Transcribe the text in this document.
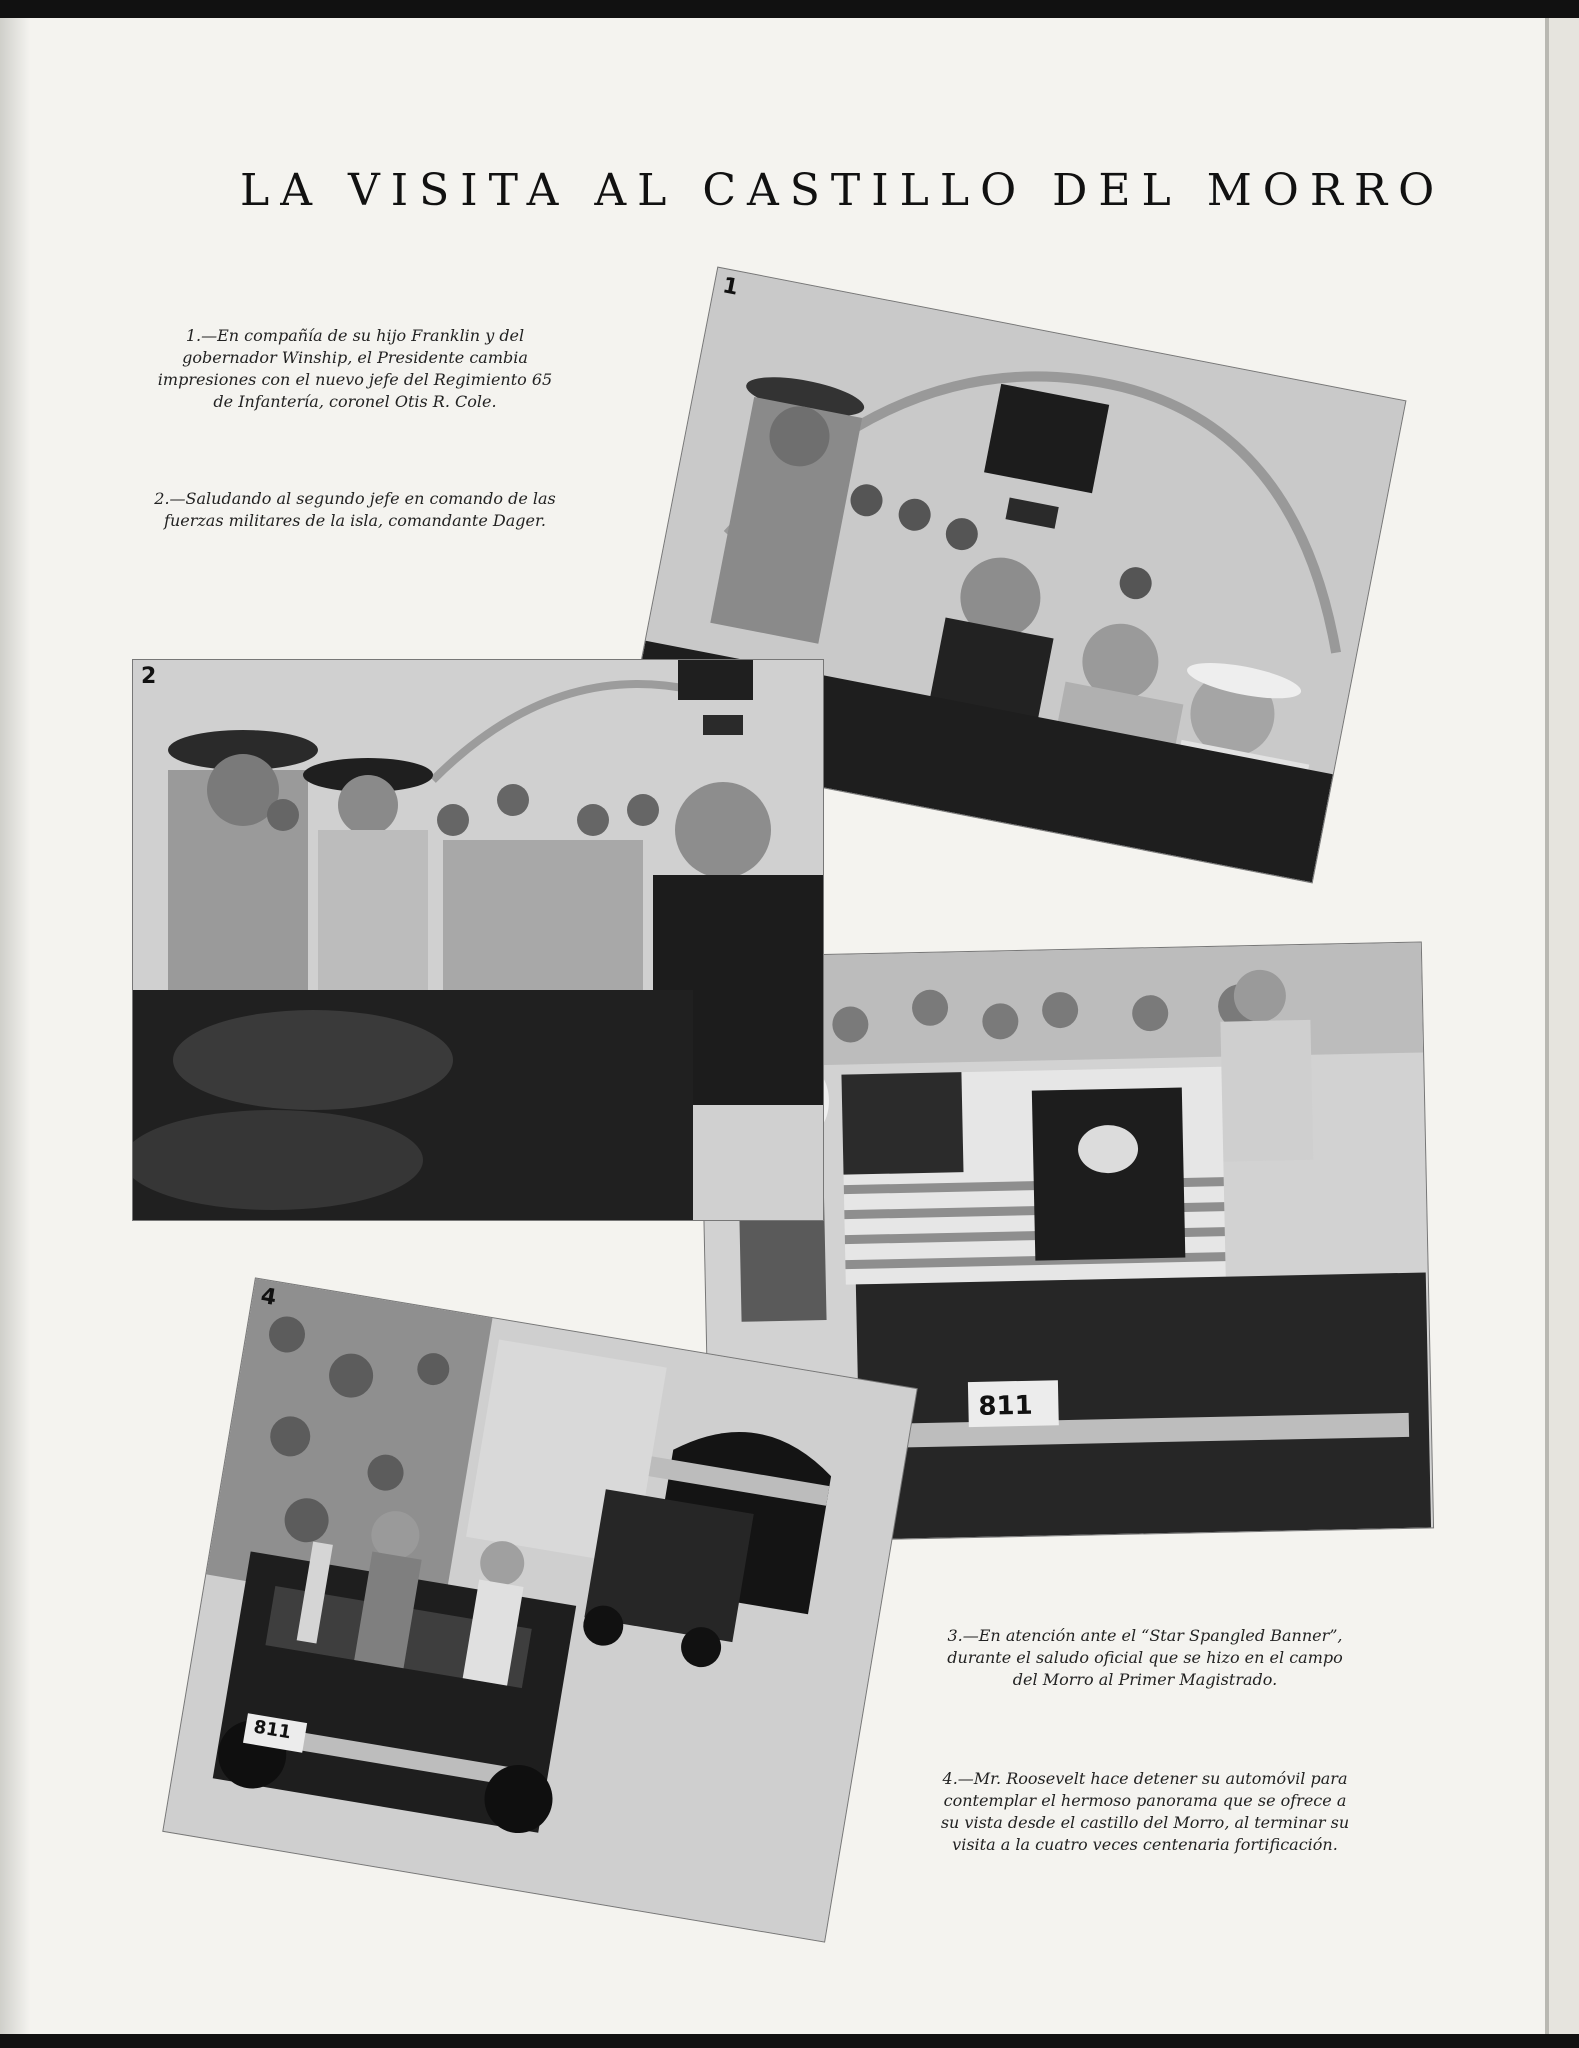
LA VISITA AL CASTILLO DEL MORRO

1.—En compañía de su hijo Franklin y del gobernador Winship, el Presidente cambia impresiones con el nuevo jefe del Regimiento 65 de Infantería, coronel Otis R. Cole.

2.—Saludando al segundo jefe en comando de las fuerzas militares de la isla, comandante Dager.

3.—En atención ante el “Star Spangled Banner”, durante el saludo oficial que se hizo en el campo del Morro al Primer Magistrado.

4.—Mr. Roosevelt hace detener su automóvil para contemplar el hermoso panorama que se ofrece a su vista desde el castillo del Morro, al terminar su visita a la cuatro veces centenaria fortificación.

1
811
2
4
811
